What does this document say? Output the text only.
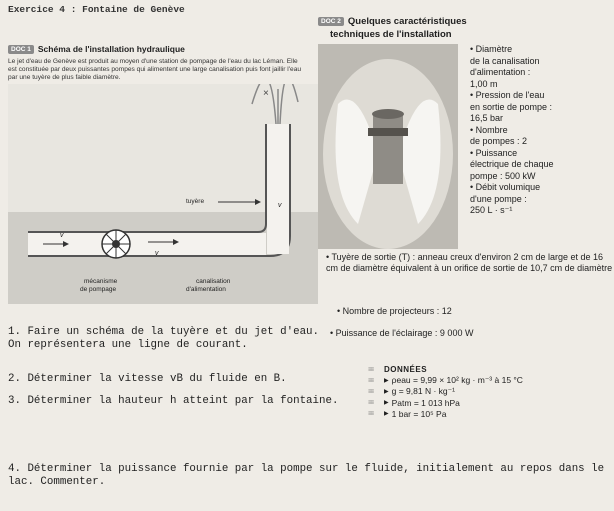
Exercice 4 : Fontaine de Genève
DOC 2 Quelques caractéristiques
techniques de l'installation
DOC 1 Schéma de l'installation hydraulique
Le jet d'eau de Genève est produit au moyen d'une station de pompage de l'eau du lac Léman. Elle est constituée par deux puissantes pompes qui alimentent une large canalisation puis font jaillir l'eau par une tuyère de plus faible diamètre.
×
tuyère
v
v
v
mécanisme
de pompage
canalisation
d'alimentation
• Diamètre
de la canalisation
d'alimentation :
1,00 m
• Pression de l'eau
en sortie de pompe :
16,5 bar
• Nombre
de pompes : 2
• Puissance
électrique de chaque
pompe : 500 kW
• Débit volumique
d'une pompe :
250 L · s⁻¹
• Tuyère de sortie (T) : anneau creux d'environ 2 cm de large et de 16 cm de diamètre équivalent à un orifice de sortie de 10,7 cm de diamètre
• Nombre de projecteurs : 12
• Puissance de l'éclairage : 9 000 W
1. Faire un schéma de la tuyère et du jet d'eau. On représentera une ligne de courant.
2. Déterminer la vitesse vB du fluide en B.
3. Déterminer la hauteur h atteint par la fontaine.
4. Déterminer la puissance fournie par la pompe sur le fluide, initialement au repos dans le lac. Commenter.
≡≡	DONNÉES
≡≡	▶ ρeau = 9,99 × 10² kg · m⁻³ à 15 °C
≡≡	▶ g = 9,81 N · kg⁻¹
≡≡	▶ Patm = 1 013 hPa
≡≡	▶ 1 bar = 10⁵ Pa
